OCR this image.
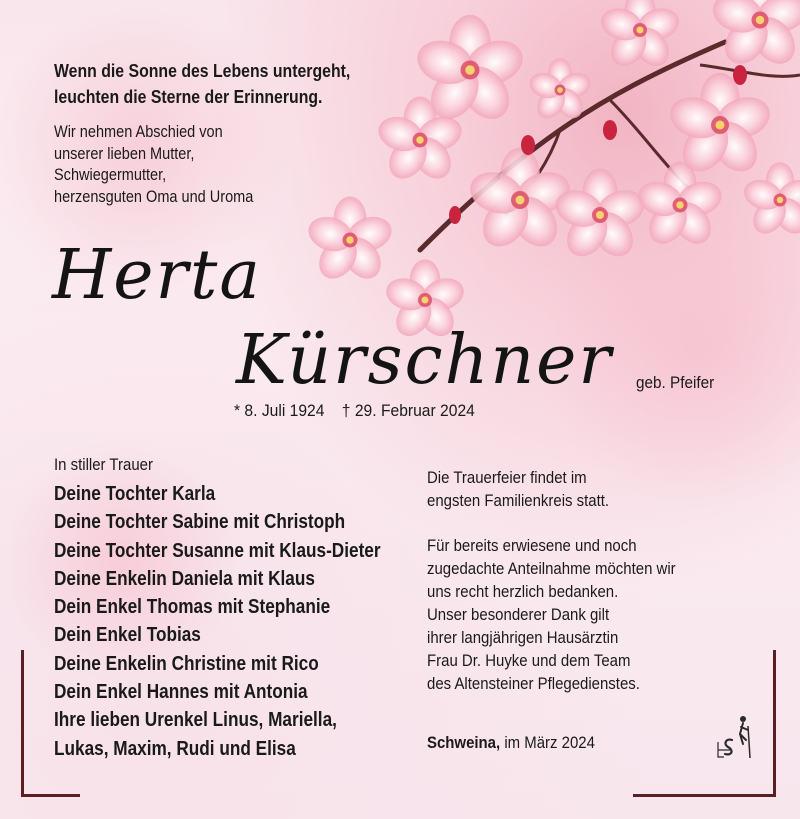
Wenn die Sonne des Lebens untergeht,
leuchten die Sterne der Erinnerung.

Wir nehmen Abschied von
unserer lieben Mutter,
Schwiegermutter,
herzensguten Oma und Uroma

Herta
Kürschner geb. Pfeifer
* 8. Juli 1924    † 29. Februar 2024

In stiller Trauer

Deine Tochter Karla
Deine Tochter Sabine mit Christoph
Deine Tochter Susanne mit Klaus-Dieter
Deine Enkelin Daniela mit Klaus
Dein Enkel Thomas mit Stephanie
Dein Enkel Tobias
Deine Enkelin Christine mit Rico
Dein Enkel Hannes mit Antonia
Ihre lieben Urenkel Linus, Mariella,
Lukas, Maxim, Rudi und Elisa

Die Trauerfeier findet im
engsten Familienkreis statt.

Für bereits erwiesene und noch
zugedachte Anteilnahme möchten wir
uns recht herzlich bedanken.
Unser besonderer Dank gilt
ihrer langjährigen Hausärztin
Frau Dr. Huyke und dem Team
des Altensteiner Pflegedienstes.

Schweina, im März 2024
